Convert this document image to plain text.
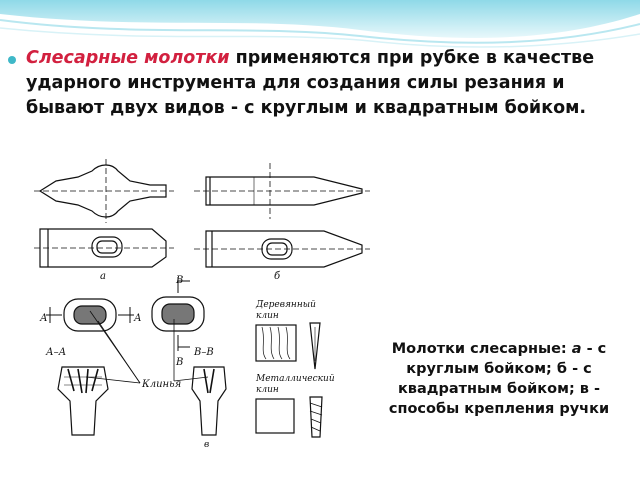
Слесарные молотки применяются при рубке в качестве ударного инструмента для создания силы резания и бывают двух видов - с круглым и квадратным бойком.

а	б
А	А
В
В
А–А	В–В
Клинья
в
Деревянный
клин
Металлический
клин

Молотки слесарные: а - с круглым бойком; б - с квадратным бойком; в - способы крепления ручки
